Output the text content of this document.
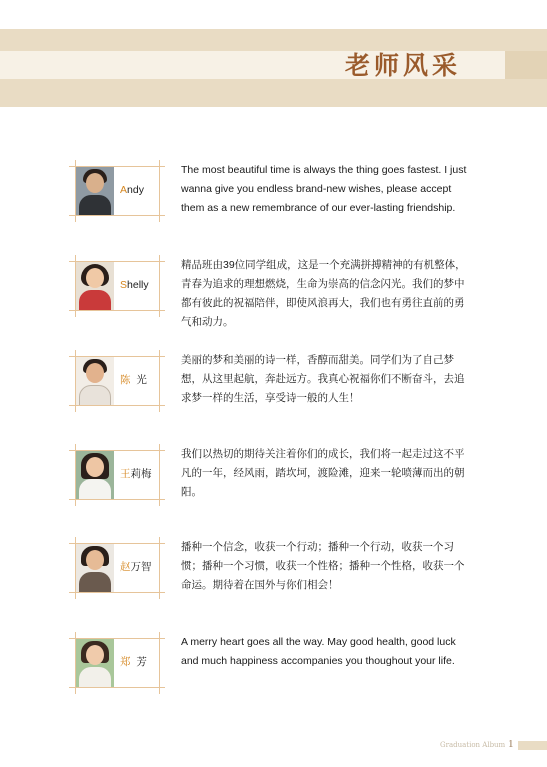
老师风采
Andy
The most beautiful time is always the thing goes fastest. I just wanna give you endless brand-new wishes, please accept them as a new remembrance of our ever-lasting friendship.
Shelly
精品班由39位同学组成，这是一个充满拼搏精神的有机整体，青春为追求的理想燃烧，生命为崇高的信念闪光。我们的梦中都有彼此的祝福陪伴，即使风浪再大，我们也有勇往直前的勇气和动力。
陈  光
美丽的梦和美丽的诗一样，香醇而甜美。同学们为了自己梦想，从这里起航，奔赴远方。我真心祝福你们不断奋斗，去追求梦一样的生活，享受诗一般的人生！
王莉梅
我们以热切的期待关注着你们的成长，我们将一起走过这不平凡的一年，经风雨，踏坎坷，渡险滩，迎来一轮喷薄而出的朝阳。
赵万智
播种一个信念，收获一个行动；播种一个行动，收获一个习惯；播种一个习惯，收获一个性格；播种一个性格，收获一个命运。期待着在国外与你们相会！
郑  芳
A merry heart goes all the way. May good health, good luck and much happiness accompanies you thoughout your life.
Graduation Album 1
